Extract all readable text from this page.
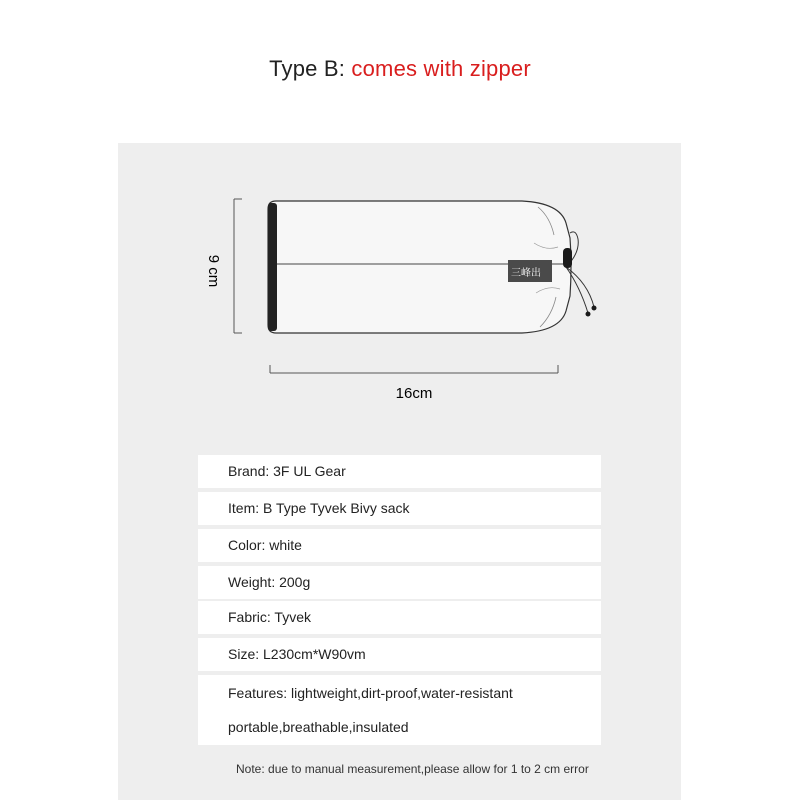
Type B: comes with zipper
9 cm	三峰出
16cm
Brand: 3F UL Gear
Item: B Type Tyvek Bivy sack
Color: white
Weight: 200g
Fabric: Tyvek
Size: L230cm*W90vm
Features: lightweight,dirt-proof,water-resistant
portable,breathable,insulated
Note: due to manual measurement,please allow for 1 to 2 cm error
